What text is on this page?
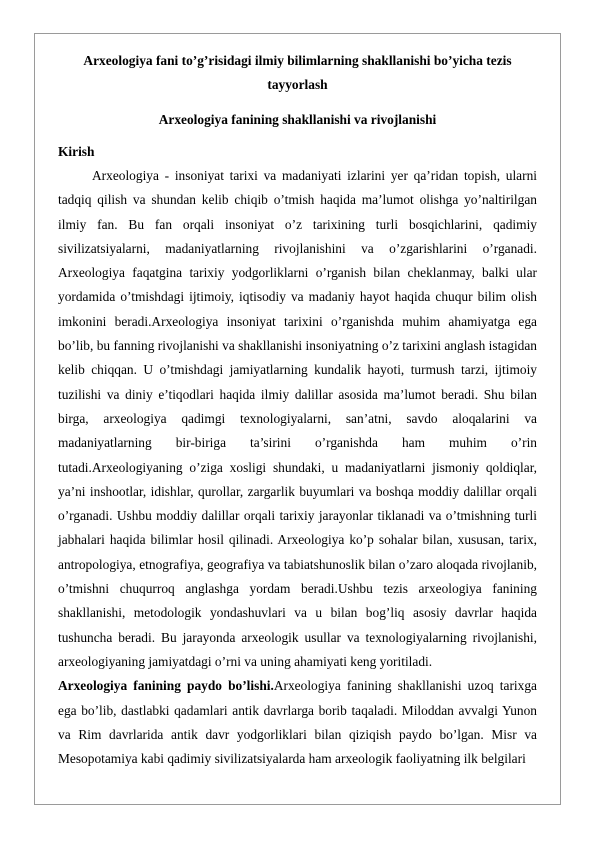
Arxeologiya fani to’g’risidagi ilmiy bilimlarning shakllanishi bo’yicha tezis tayyorlash

Arxeologiya fanining shakllanishi va rivojlanishi

Kirish

Arxeologiya - insoniyat tarixi va madaniyati izlarini yer qa’ridan topish, ularni tadqiq qilish va shundan kelib chiqib o’tmish haqida ma’lumot olishga yo’naltirilgan ilmiy fan. Bu fan orqali insoniyat o’z tarixining turli bosqichlarini, qadimiy sivilizatsiyalarni, madaniyatlarning rivojlanishini va o’zgarishlarini o’rganadi. Arxeologiya faqatgina tarixiy yodgorliklarni o’rganish bilan cheklanmay, balki ular yordamida o’tmishdagi ijtimoiy, iqtisodiy va madaniy hayot haqida chuqur bilim olish imkonini beradi.Arxeologiya insoniyat tarixini o’rganishda muhim ahamiyatga ega bo’lib, bu fanning rivojlanishi va shakllanishi insoniyatning o’z tarixini anglash istagidan kelib chiqqan. U o’tmishdagi jamiyatlarning kundalik hayoti, turmush tarzi, ijtimoiy tuzilishi va diniy e’tiqodlari haqida ilmiy dalillar asosida ma’lumot beradi. Shu bilan birga, arxeologiya qadimgi texnologiyalarni, san’atni, savdo aloqalarini va madaniyatlarning bir-biriga ta’sirini o’rganishda ham muhim o’rin tutadi.Arxeologiyaning o’ziga xosligi shundaki, u madaniyatlarni jismoniy qoldiqlar, ya’ni inshootlar, idishlar, qurollar, zargarlik buyumlari va boshqa moddiy dalillar orqali o’rganadi. Ushbu moddiy dalillar orqali tarixiy jarayonlar tiklanadi va o’tmishning turli jabhalari haqida bilimlar hosil qilinadi. Arxeologiya ko’p sohalar bilan, xususan, tarix, antropologiya, etnografiya, geografiya va tabiatshunoslik bilan o’zaro aloqada rivojlanib, o’tmishni chuqurroq anglashga yordam beradi.Ushbu tezis arxeologiya fanining shakllanishi, metodologik yondashuvlari va u bilan bog’liq asosiy davrlar haqida tushuncha beradi. Bu jarayonda arxeologik usullar va texnologiyalarning rivojlanishi, arxeologiyaning jamiyatdagi o’rni va uning ahamiyati keng yoritiladi.

Arxeologiya fanining paydo bo’lishi.Arxeologiya fanining shakllanishi uzoq tarixga ega bo’lib, dastlabki qadamlari antik davrlarga borib taqaladi. Miloddan avvalgi Yunon va Rim davrlarida antik davr yodgorliklari bilan qiziqish paydo bo’lgan. Misr va Mesopotamiya kabi qadimiy sivilizatsiyalarda ham arxeologik faoliyatning ilk belgilari
